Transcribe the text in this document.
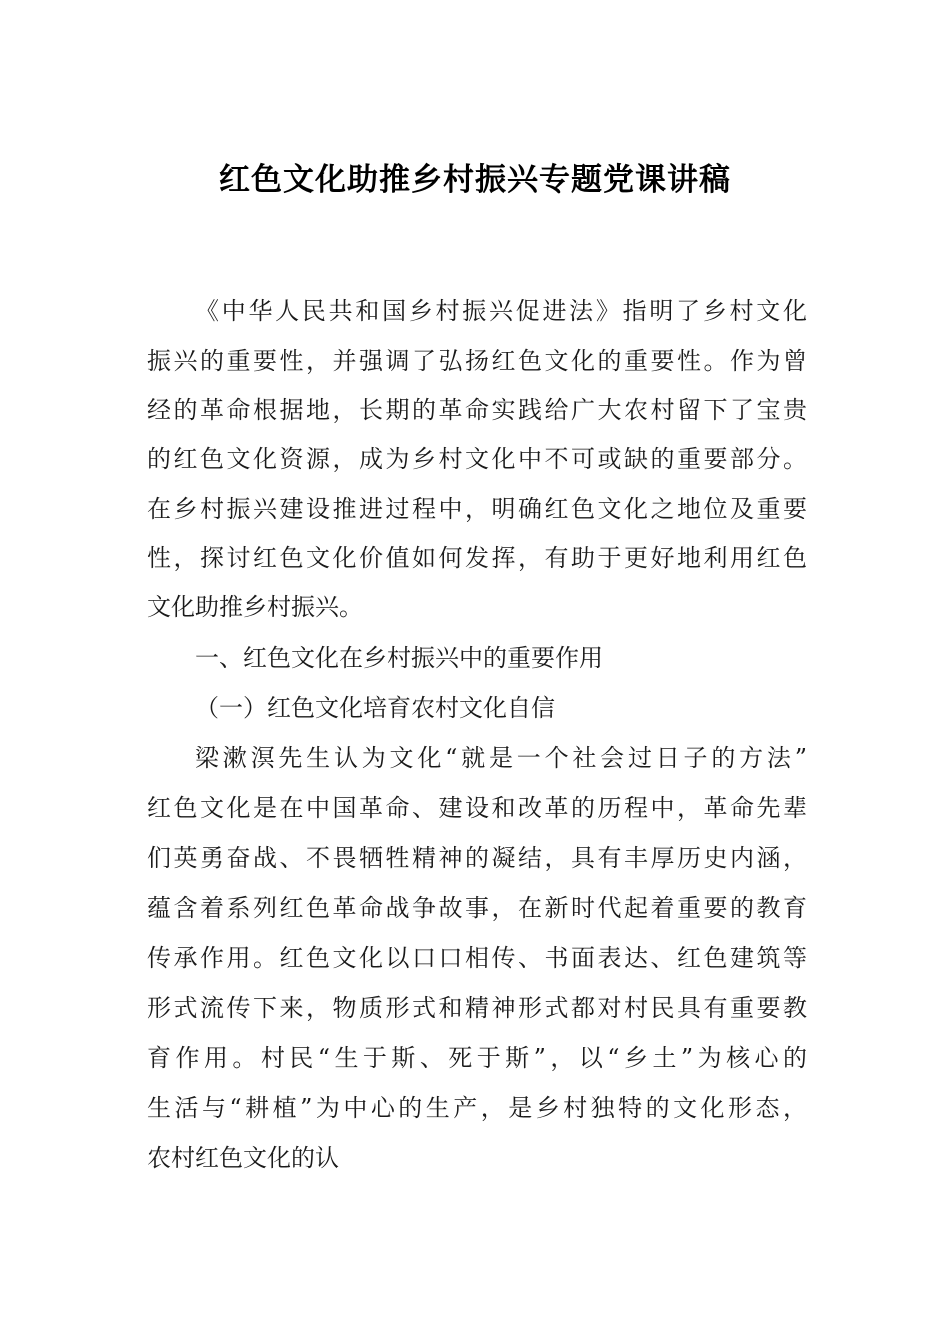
红色文化助推乡村振兴专题党课讲稿
《中华人民共和国乡村振兴促进法》指明了乡村文化
振兴的重要性，并强调了弘扬红色文化的重要性。作为曾
经的革命根据地，长期的革命实践给广大农村留下了宝贵
的红色文化资源，成为乡村文化中不可或缺的重要部分。
在乡村振兴建设推进过程中，明确红色文化之地位及重要
性，探讨红色文化价值如何发挥，有助于更好地利用红色
文化助推乡村振兴。
一、红色文化在乡村振兴中的重要作用
（一）红色文化培育农村文化自信
梁漱溟先生认为文化“就是一个社会过日子的方法”
红色文化是在中国革命、建设和改革的历程中，革命先辈
们英勇奋战、不畏牺牲精神的凝结，具有丰厚历史内涵，
蕴含着系列红色革命战争故事，在新时代起着重要的教育
传承作用。红色文化以口口相传、书面表达、红色建筑等
形式流传下来，物质形式和精神形式都对村民具有重要教
育作用。村民“生于斯、死于斯”，以“乡土”为核心的
生活与“耕植”为中心的生产，是乡村独特的文化形态，
农村红色文化的认
